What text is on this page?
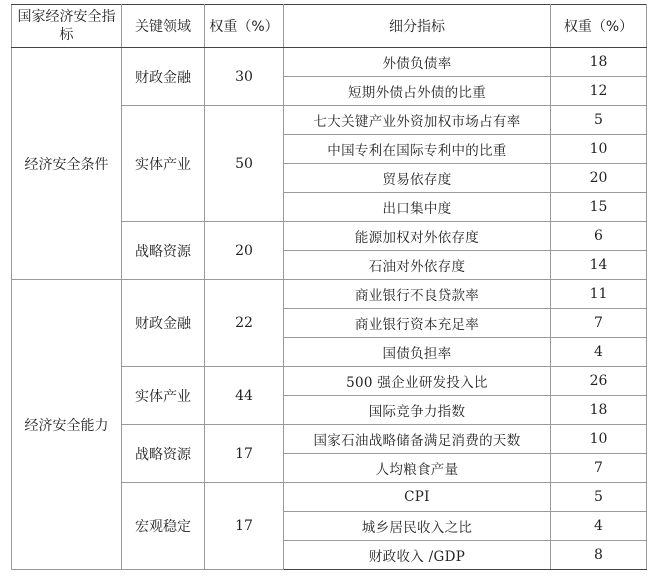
国家经济安全指标	关键领域	权重（%）	细分指标	权重（%）
经济安全条件	财政金融	30	外债负债率	18
			短期外债占外债的比重	12
	实体产业	50	七大关键产业外资加权市场占有率	5
			中国专利在国际专利中的比重	10
			贸易依存度	20
			出口集中度	15
	战略资源	20	能源加权对外依存度	6
			石油对外依存度	14
经济安全能力	财政金融	22	商业银行不良贷款率	11
			商业银行资本充足率	7
			国债负担率	4
	实体产业	44	500 强企业研发投入比	26
			国际竞争力指数	18
	战略资源	17	国家石油战略储备满足消费的天数	10
			人均粮食产量	7
	宏观稳定	17	CPI	5
			城乡居民收入之比	4
			财政收入 /GDP	8
